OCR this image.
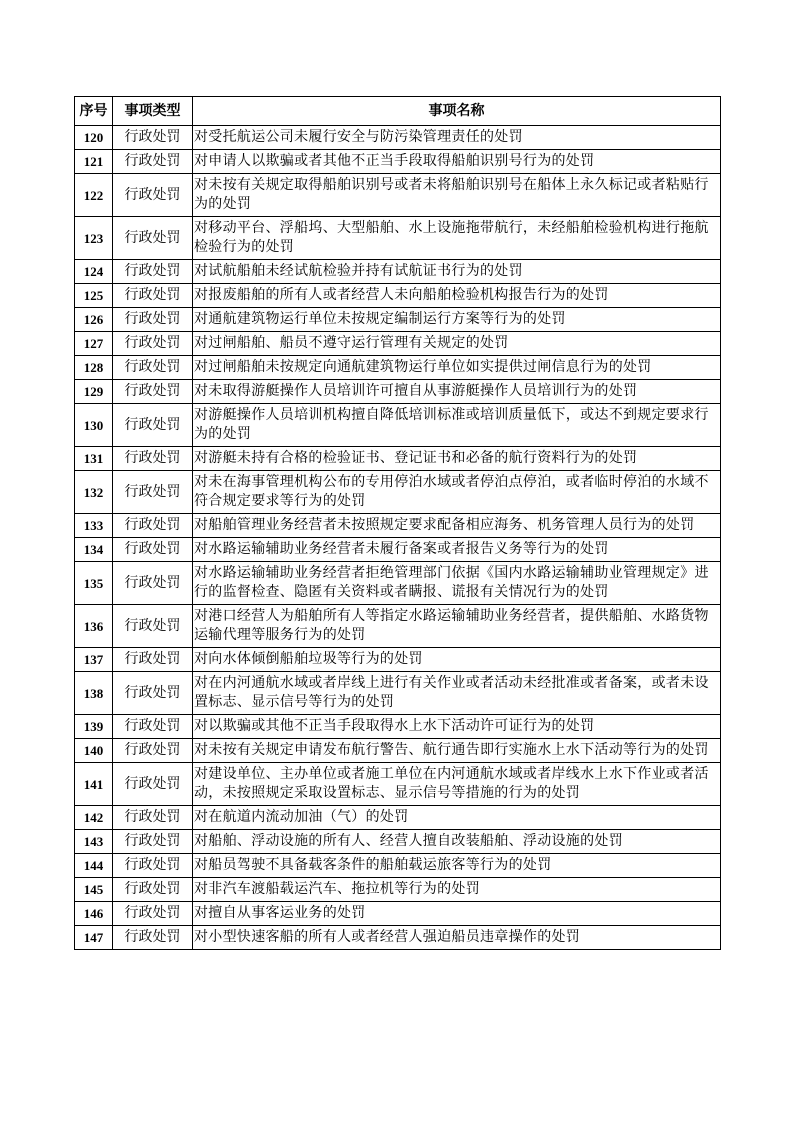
序号	事项类型	事项名称
120	行政处罚	对受托航运公司未履行安全与防污染管理责任的处罚
121	行政处罚	对申请人以欺骗或者其他不正当手段取得船舶识别号行为的处罚
122	行政处罚	对未按有关规定取得船舶识别号或者未将船舶识别号在船体上永久标记或者粘贴行为的处罚
123	行政处罚	对移动平台、浮船坞、大型船舶、水上设施拖带航行，未经船舶检验机构进行拖航检验行为的处罚
124	行政处罚	对试航船舶未经试航检验并持有试航证书行为的处罚
125	行政处罚	对报废船舶的所有人或者经营人未向船舶检验机构报告行为的处罚
126	行政处罚	对通航建筑物运行单位未按规定编制运行方案等行为的处罚
127	行政处罚	对过闸船舶、船员不遵守运行管理有关规定的处罚
128	行政处罚	对过闸船舶未按规定向通航建筑物运行单位如实提供过闸信息行为的处罚
129	行政处罚	对未取得游艇操作人员培训许可擅自从事游艇操作人员培训行为的处罚
130	行政处罚	对游艇操作人员培训机构擅自降低培训标准或培训质量低下，或达不到规定要求行为的处罚
131	行政处罚	对游艇未持有合格的检验证书、登记证书和必备的航行资料行为的处罚
132	行政处罚	对未在海事管理机构公布的专用停泊水域或者停泊点停泊，或者临时停泊的水域不符合规定要求等行为的处罚
133	行政处罚	对船舶管理业务经营者未按照规定要求配备相应海务、机务管理人员行为的处罚
134	行政处罚	对水路运输辅助业务经营者未履行备案或者报告义务等行为的处罚
135	行政处罚	对水路运输辅助业务经营者拒绝管理部门依据《国内水路运输辅助业管理规定》进行的监督检查、隐匿有关资料或者瞒报、谎报有关情况行为的处罚
136	行政处罚	对港口经营人为船舶所有人等指定水路运输辅助业务经营者，提供船舶、水路货物运输代理等服务行为的处罚
137	行政处罚	对向水体倾倒船舶垃圾等行为的处罚
138	行政处罚	对在内河通航水域或者岸线上进行有关作业或者活动未经批准或者备案，或者未设置标志、显示信号等行为的处罚
139	行政处罚	对以欺骗或其他不正当手段取得水上水下活动许可证行为的处罚
140	行政处罚	对未按有关规定申请发布航行警告、航行通告即行实施水上水下活动等行为的处罚
141	行政处罚	对建设单位、主办单位或者施工单位在内河通航水域或者岸线水上水下作业或者活动，未按照规定采取设置标志、显示信号等措施的行为的处罚
142	行政处罚	对在航道内流动加油（气）的处罚
143	行政处罚	对船舶、浮动设施的所有人、经营人擅自改装船舶、浮动设施的处罚
144	行政处罚	对船员驾驶不具备载客条件的船舶载运旅客等行为的处罚
145	行政处罚	对非汽车渡船载运汽车、拖拉机等行为的处罚
146	行政处罚	对擅自从事客运业务的处罚
147	行政处罚	对小型快速客船的所有人或者经营人强迫船员违章操作的处罚
